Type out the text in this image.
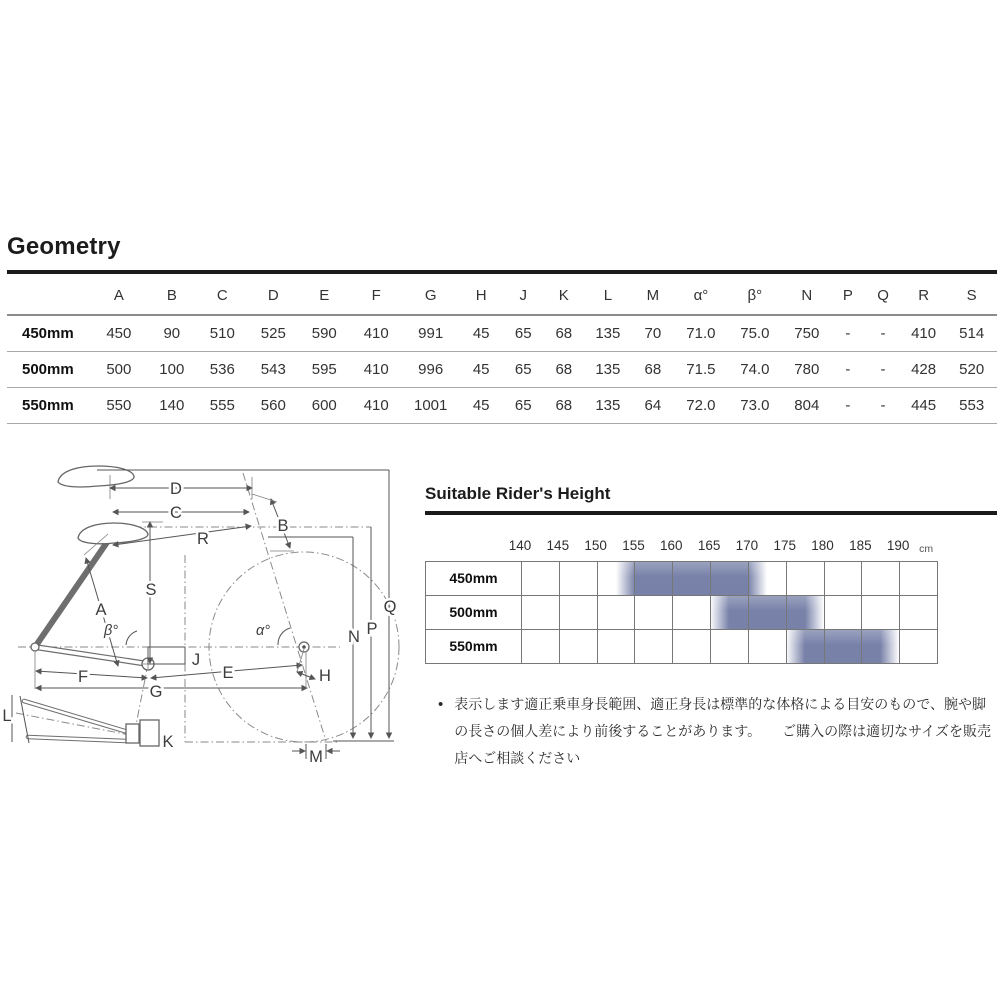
Geometry
	A	B	C	D	E	F	G	H	J	K	L	M	α°	β°	N	P	Q	R	S
450mm	450	90	510	525	590	410	991	45	65	68	135	70	71.0	75.0	750	-	-	410	514
500mm	500	100	536	543	595	410	996	45	65	68	135	68	71.5	74.0	780	-	-	428	520
550mm	550	140	555	560	600	410	1001	45	65	68	135	64	72.0	73.0	804	-	-	445	553
D
C
B
R
S
A
β°	α°
J
E
F
G
H
K
L
M
N P
Q
Suitable Rider's Height
140 145 150 155 160 165 170 175 180 185 190 cm
450mm
500mm
550mm
• 表示します適正乗車身長範囲、適正身長は標準的な体格による目安のもので、腕や脚の長さの個人差により前後することがあります。　　ご購入の際は適切なサイズを販売店へご相談ください
